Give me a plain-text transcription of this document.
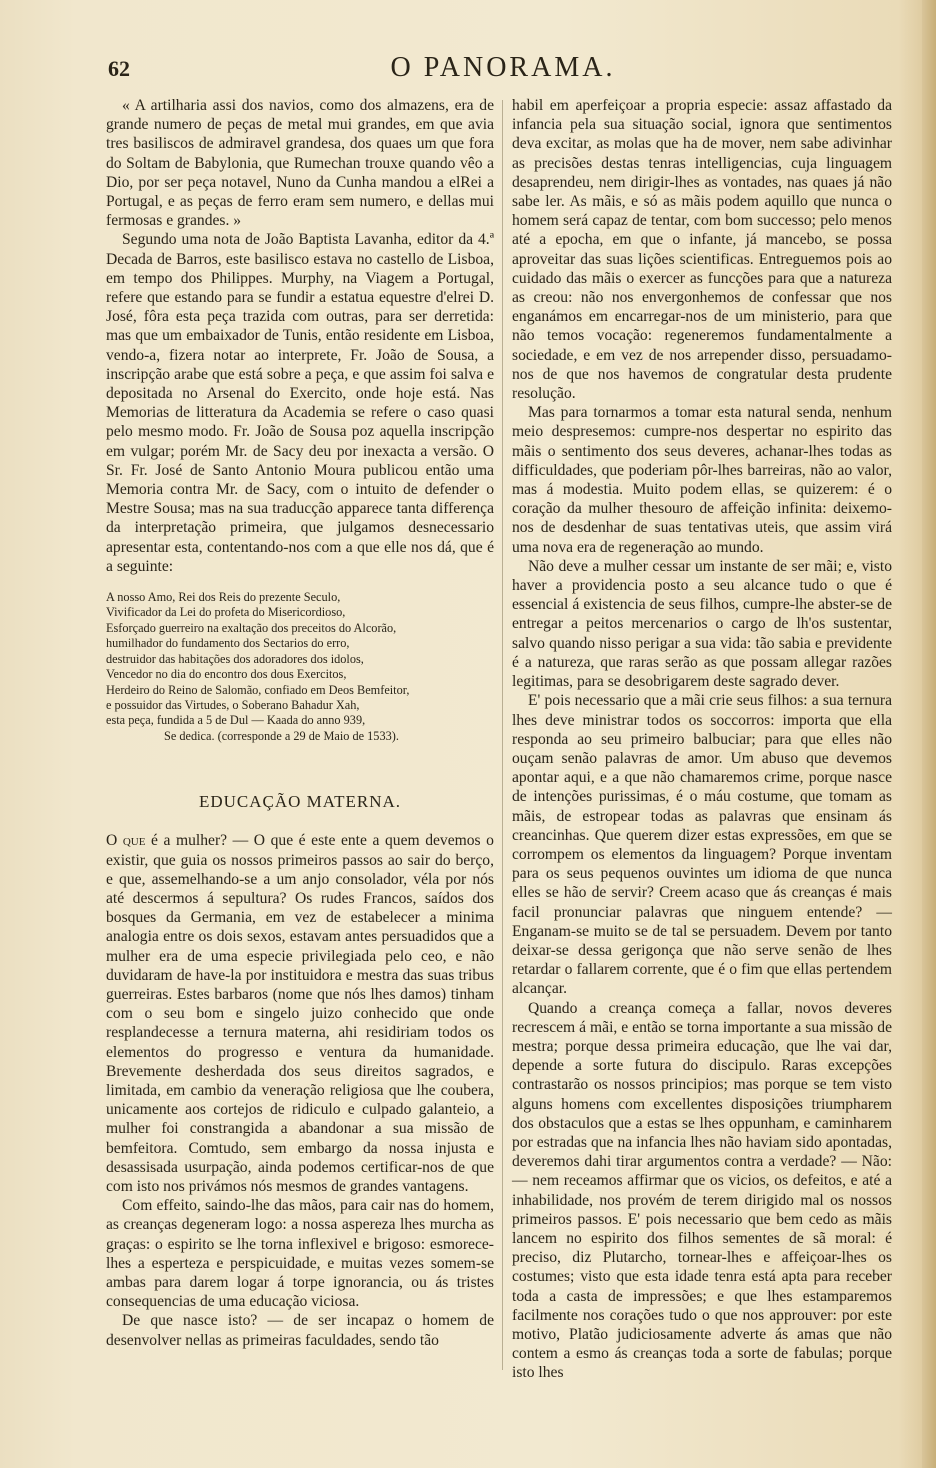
62	O PANORAMA.

« A artilharia assi dos navios, como dos almazens, era de grande numero de peças de metal mui grandes, em que avia tres basiliscos de admiravel grandesa, dos quaes um que fora do Soltam de Babylonia, que Rumechan trouxe quando vêo a Dio, por ser peça notavel, Nuno da Cunha mandou a elRei a Portugal, e as peças de ferro eram sem numero, e dellas mui fermosas e grandes. »

Segundo uma nota de João Baptista Lavanha, editor da 4.ª Decada de Barros, este basilisco estava no castello de Lisboa, em tempo dos Philippes. Murphy, na Viagem a Portugal, refere que estando para se fundir a estatua equestre d'elrei D. José, fôra esta peça trazida com outras, para ser derretida: mas que um embaixador de Tunis, então residente em Lisboa, vendo-a, fizera notar ao interprete, Fr. João de Sousa, a inscripção arabe que está sobre a peça, e que assim foi salva e depositada no Arsenal do Exercito, onde hoje está. Nas Memorias de litteratura da Academia se refere o caso quasi pelo mesmo modo. Fr. João de Sousa poz aquella inscripção em vulgar; porém Mr. de Sacy deu por inexacta a versão. O Sr. Fr. José de Santo Antonio Moura publicou então uma Memoria contra Mr. de Sacy, com o intuito de defender o Mestre Sousa; mas na sua traducção apparece tanta differença da interpretação primeira, que julgamos desnecessario apresentar esta, contentando-nos com a que elle nos dá, que é a seguinte:

A nosso Amo, Rei dos Reis do prezente Seculo,
Vivificador da Lei do profeta do Misericordioso,
Esforçado guerreiro na exaltação dos preceitos do Alcorão,
humilhador do fundamento dos Sectarios do erro,
destruidor das habitações dos adoradores dos idolos,
Vencedor no dia do encontro dos dous Exercitos,
Herdeiro do Reino de Salomão, confiado em Deos Bemfeitor,
e possuidor das Virtudes, o Soberano Bahadur Xah,
esta peça, fundida a 5 de Dul — Kaada do anno 939,
Se dedica. (corresponde a 29 de Maio de 1533).
EDUCAÇÃO MATERNA.

O que é a mulher? — O que é este ente a quem devemos o existir, que guia os nossos primeiros passos ao sair do berço, e que, assemelhando-se a um anjo consolador, véla por nós até descermos á sepultura? Os rudes Francos, saídos dos bosques da Germania, em vez de estabelecer a minima analogia entre os dois sexos, estavam antes persuadidos que a mulher era de uma especie privilegiada pelo ceo, e não duvidaram de have-la por instituidora e mestra das suas tribus guerreiras. Estes barbaros (nome que nós lhes damos) tinham com o seu bom e singelo juizo conhecido que onde resplandecesse a ternura materna, ahi residiriam todos os elementos do progresso e ventura da humanidade. Brevemente desherdada dos seus direitos sagrados, e limitada, em cambio da veneração religiosa que lhe coubera, unicamente aos cortejos de ridiculo e culpado galanteio, a mulher foi constrangida a abandonar a sua missão de bemfeitora. Comtudo, sem embargo da nossa injusta e desassisada usurpação, ainda podemos certificar-nos de que com isto nos privámos nós mesmos de grandes vantagens.

Com effeito, saindo-lhe das mãos, para cair nas do homem, as creanças degeneram logo: a nossa aspereza lhes murcha as graças: o espirito se lhe torna inflexivel e brigoso: esmorece-lhes a esperteza e perspicuidade, e muitas vezes somem-se ambas para darem logar á torpe ignorancia, ou ás tristes consequencias de uma educação viciosa.

De que nasce isto? — de ser incapaz o homem de desenvolver nellas as primeiras faculdades, sendo tão

habil em aperfeiçoar a propria especie: assaz affastado da infancia pela sua situação social, ignora que sentimentos deva excitar, as molas que ha de mover, nem sabe adivinhar as precisões destas tenras intelligencias, cuja linguagem desaprendeu, nem dirigir-lhes as vontades, nas quaes já não sabe ler. As mãis, e só as mãis podem aquillo que nunca o homem será capaz de tentar, com bom successo; pelo menos até a epocha, em que o infante, já mancebo, se possa aproveitar das suas lições scientificas. Entreguemos pois ao cuidado das mãis o exercer as funcções para que a natureza as creou: não nos envergonhemos de confessar que nos enganámos em encarregar-nos de um ministerio, para que não temos vocação: regeneremos fundamentalmente a sociedade, e em vez de nos arrepender disso, persuadamo-nos de que nos havemos de congratular desta prudente resolução.

Mas para tornarmos a tomar esta natural senda, nenhum meio despresemos: cumpre-nos despertar no espirito das mãis o sentimento dos seus deveres, achanar-lhes todas as difficuldades, que poderiam pôr-lhes barreiras, não ao valor, mas á modestia. Muito podem ellas, se quizerem: é o coração da mulher thesouro de affeição infinita: deixemo-nos de desdenhar de suas tentativas uteis, que assim virá uma nova era de regeneração ao mundo.

Não deve a mulher cessar um instante de ser mãi; e, visto haver a providencia posto a seu alcance tudo o que é essencial á existencia de seus filhos, cumpre-lhe abster-se de entregar a peitos mercenarios o cargo de lh'os sustentar, salvo quando nisso perigar a sua vida: tão sabia e previdente é a natureza, que raras serão as que possam allegar razões legitimas, para se desobrigarem deste sagrado dever.

E' pois necessario que a mãi crie seus filhos: a sua ternura lhes deve ministrar todos os soccorros: importa que ella responda ao seu primeiro balbuciar; para que elles não ouçam senão palavras de amor. Um abuso que devemos apontar aqui, e a que não chamaremos crime, porque nasce de intenções purissimas, é o máu costume, que tomam as mãis, de estropear todas as palavras que ensinam ás creancinhas. Que querem dizer estas expressões, em que se corrompem os elementos da linguagem? Porque inventam para os seus pequenos ouvintes um idioma de que nunca elles se hão de servir? Creem acaso que ás creanças é mais facil pronunciar palavras que ninguem entende? — Enganam-se muito se de tal se persuadem. Devem por tanto deixar-se dessa gerigonça que não serve senão de lhes retardar o fallarem corrente, que é o fim que ellas pertendem alcançar.

Quando a creança começa a fallar, novos deveres recrescem á mãi, e então se torna importante a sua missão de mestra; porque dessa primeira educação, que lhe vai dar, depende a sorte futura do discipulo. Raras excepções contrastarão os nossos principios; mas porque se tem visto alguns homens com excellentes disposições triumpharem dos obstaculos que a estas se lhes oppunham, e caminharem por estradas que na infancia lhes não haviam sido apontadas, deveremos dahi tirar argumentos contra a verdade? — Não: — nem receamos affirmar que os vicios, os defeitos, e até a inhabilidade, nos provém de terem dirigido mal os nossos primeiros passos. E' pois necessario que bem cedo as mãis lancem no espirito dos filhos sementes de sã moral: é preciso, diz Plutarcho, tornear-lhes e affeiçoar-lhes os costumes; visto que esta idade tenra está apta para receber toda a casta de impressões; e que lhes estamparemos facilmente nos corações tudo o que nos approuver: por este motivo, Platão judiciosamente adverte ás amas que não contem a esmo ás creanças toda a sorte de fabulas; porque isto lhes
